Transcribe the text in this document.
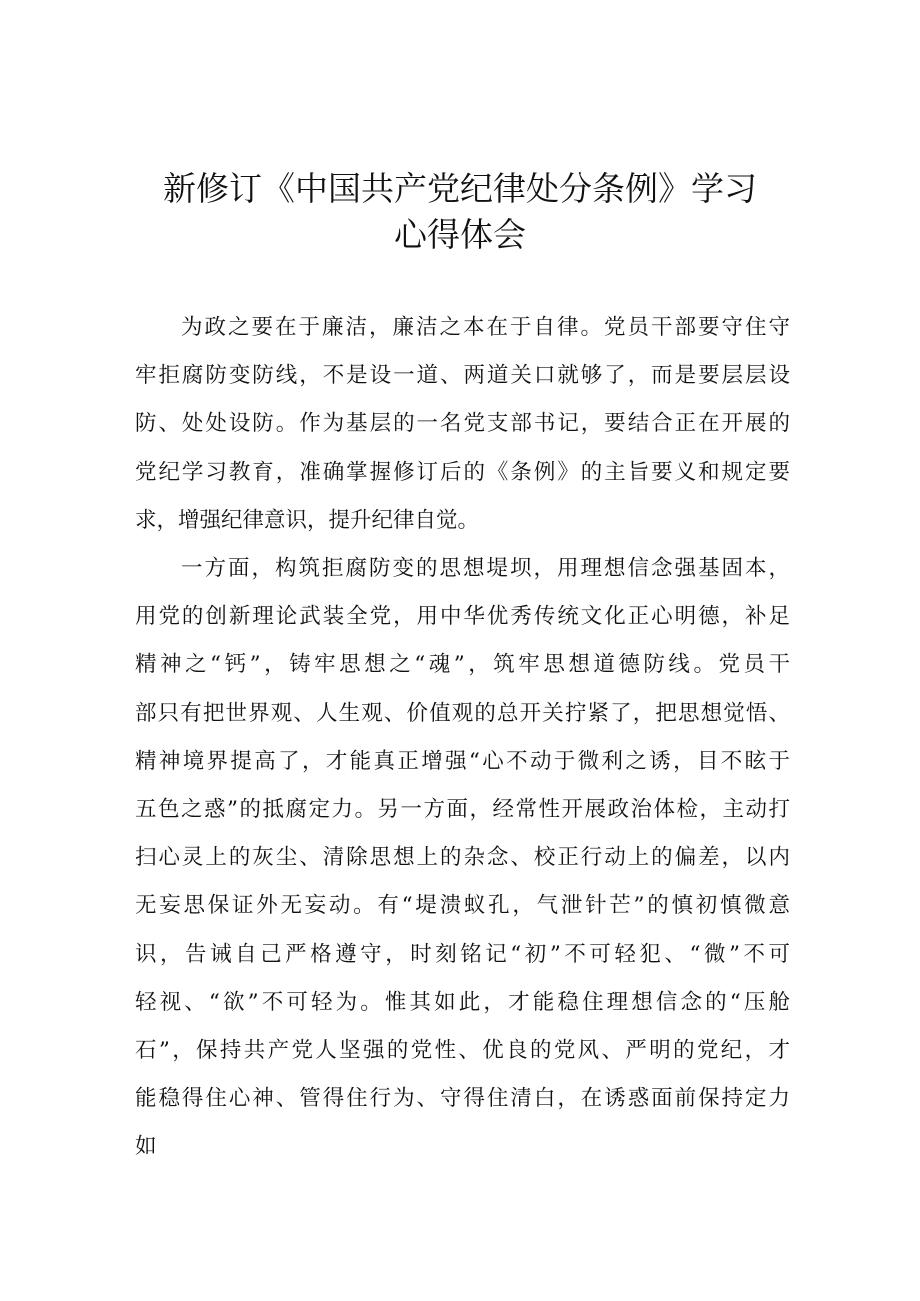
新修订《中国共产党纪律处分条例》学习
心得体会

为政之要在于廉洁，廉洁之本在于自律。党员干部要守住守
牢拒腐防变防线，不是设一道、两道关口就够了，而是要层层设
防、处处设防。作为基层的一名党支部书记，要结合正在开展的
党纪学习教育，准确掌握修订后的《条例》的主旨要义和规定要
求，增强纪律意识，提升纪律自觉。

一方面，构筑拒腐防变的思想堤坝，用理想信念强基固本，
用党的创新理论武装全党，用中华优秀传统文化正心明德，补足
精神之“钙”，铸牢思想之“魂”，筑牢思想道德防线。党员干
部只有把世界观、人生观、价值观的总开关拧紧了，把思想觉悟、
精神境界提高了，才能真正增强“心不动于微利之诱，目不眩于
五色之惑”的抵腐定力。另一方面，经常性开展政治体检，主动打
扫心灵上的灰尘、清除思想上的杂念、校正行动上的偏差，以内
无妄思保证外无妄动。有“堤溃蚁孔，气泄针芒”的慎初慎微意
识，告诫自己严格遵守，时刻铭记“初”不可轻犯、“微”不可
轻视、“欲”不可轻为。惟其如此，才能稳住理想信念的“压舱
石”，保持共产党人坚强的党性、优良的党风、严明的党纪，才
能稳得住心神、管得住行为、守得住清白，在诱惑面前保持定力
如
